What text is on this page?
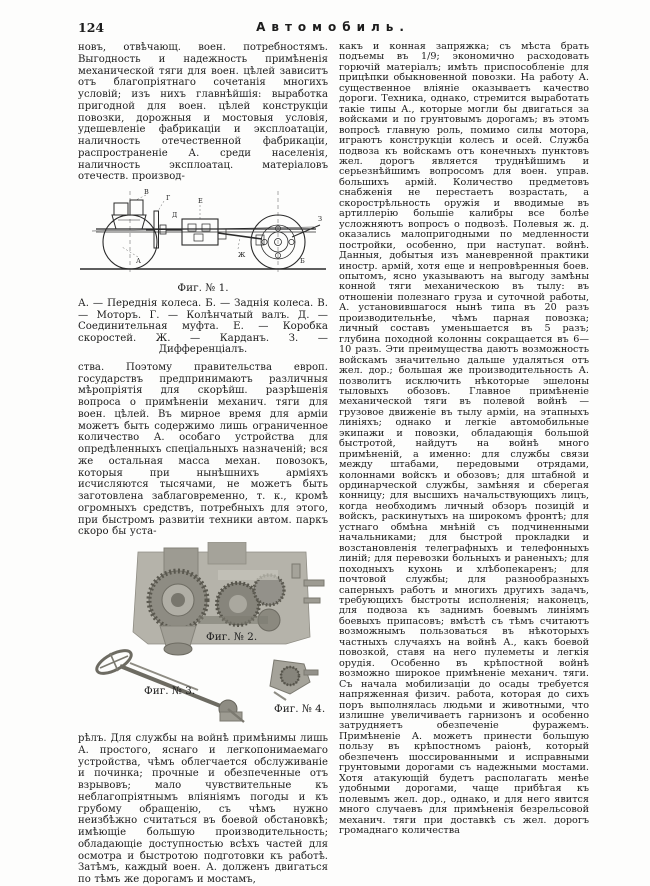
124	Автомобиль.

новъ, отвѣчающ. воен. потребностямъ. Выгодность и надежность примѣненія механической тяги для воен. цѣлей зависитъ отъ благопріятнаго сочетанія многихъ условій; изъ нихъ главнѣйшія: выработка пригодной для воен. цѣлей конструкціи повозки, дорожныя и мостовыя условія, удешевленіе фабрикаціи и эксплоатаціи, наличность отечественной фабрикаціи, распространеніе А. среди населенія, наличность эксплоатац. матеріаловъ отечеств. производ-

В
Г
Д
Е
Ж
З
А	Б
Фиг. № 1.
А. — Переднія колеса. Б. — Заднія колеса. В. — Моторъ. Г. — Колѣнчатый валъ. Д. — Соединительная муфта. Е. — Коробка скоростей. Ж. — Карданъ. З. — Дифференціалъ.

ства. Поэтому правительства европ. государствъ предпринимаютъ различныя мѣропріятія для скорѣйш. разрѣшенія вопроса о примѣненіи механич. тяги для воен. цѣлей. Въ мирное время для арміи можетъ быть содержимо лишь ограниченное количество А. особаго устройства для опредѣленныхъ спеціальныхъ назначеній; вся же остальная масса механ. повозокъ, которыя при нынѣшнихъ арміяхъ исчисляются тысячами, не можетъ быть заготовлена заблаговременно, т. к., кромѣ огромныхъ средствъ, потребныхъ для этого, при быстромъ развитіи техники автом. паркъ скоро бы уста-

Фиг. № 2.
Фиг. № 3.
Фиг. № 4.

рѣлъ. Для службы на войнѣ примѣнимы лишь А. простого, яснаго и легкопонимаемаго устройства, чѣмъ облегчается обслуживаніе и починка; прочные и обезпеченные отъ взрывовъ; мало чувствительные къ неблагопріятнымъ вліяніямъ погоды и къ грубому обращенію, съ чѣмъ нужно неизбѣжно считаться въ боевой обстановкѣ; имѣющіе большую производительность; обладающіе доступностью всѣхъ частей для осмотра и быстротою подготовки къ работѣ. Затѣмъ, каждый воен. А. долженъ двигаться по тѣмъ же дорогамъ и мостамъ,

какъ и конная запряжка; съ мѣста брать подъемы въ 1/9; экономично расходовать горючій матеріалъ; имѣть приспособленіе для прицѣпки обыкновенной повозки. На работу А. существенное вліяніе оказываетъ качество дороги. Техника, однако, стремится выработать такіе типы А., которые могли бы двигаться за войсками и по грунтовымъ дорогамъ; въ этомъ вопросѣ главную роль, помимо силы мотора, играютъ конструкціи колесъ и осей. Служба подвоза къ войскамъ отъ конечныхъ пунктовъ жел. дорогъ является труднѣйшимъ и серьезнѣйшимъ вопросомъ для воен. управ. большихъ армій. Количество предметовъ снабженія не перестаетъ возрастать, а скорострѣльность оружія и вводимые въ артиллерію большіе калибры все болѣе усложняютъ вопросъ о подвозѣ. Полевыя ж. д. оказались малопригодными по медленности постройки, особенно, при наступат. войнѣ. Данныя, добытыя изъ маневренной практики иностр. армій, хотя еще и непровѣренныя боев. опытомъ, ясно указываютъ на выгоду замѣны конной тяги механическою въ тылу: въ отношеніи полезнаго груза и суточной работы, А. установившагося нынѣ типа въ 20 разъ производительнѣе, чѣмъ парная повозка; личный составъ уменьшается въ 5 разъ; глубина походной колонны сокращается въ 6—10 разъ. Эти преимущества даютъ возможность войскамъ значительно дальше удаляться отъ жел. дор.; большая же производительность А. позволитъ исключить нѣкоторые эшелоны тыловыхъ обозовъ. Главное примѣненіе механической тяги въ полевой войнѣ — грузовое движеніе въ тылу арміи, на этапныхъ линіяхъ; однако и легкіе автомобильные экипажи и повозки, обладающія большой быстротой, найдутъ на войнѣ много примѣненій, а именно: для службы связи между штабами, передовыми отрядами, колоннами войскъ и обозовъ; для штабной и ординарческой службы, замѣняя и сберегая конницу; для высшихъ начальствующихъ лицъ, когда необходимъ личный обзоръ позицій и войскъ, раскинутыхъ на широкомъ фронтѣ; для устнаго обмѣна мнѣній съ подчиненными начальниками; для быстрой прокладки и возстановленія телеграфныхъ и телефонныхъ линій; для перевозки больныхъ и раненыхъ; для походныхъ кухонь и хлѣбопекаренъ; для почтовой службы; для разнообразныхъ саперныхъ работъ и многихъ другихъ задачъ, требующихъ быстроты исполненія; наконецъ, для подвоза къ заднимъ боевымъ линіямъ боевыхъ припасовъ; вмѣстѣ съ тѣмъ считаютъ возможнымъ пользоваться въ нѣкоторыхъ частныхъ случаяхъ на войнѣ А., какъ боевой повозкой, ставя на него пулеметы и легкія орудія. Особенно въ крѣпостной войнѣ возможно широкое примѣненіе механич. тяги. Съ начала мобилизаціи до осады требуется напряженная физич. работа, которая до сихъ поръ выполнялась людьми и животными, что излишне увеличиваетъ гарнизонъ и особенно затрудняетъ обезпеченіе фуражемъ. Примѣненіе А. можетъ принести большую пользу въ крѣпостномъ раіонѣ, который обезпеченъ шоссированными и исправными грунтовыми дорогами съ надежными мостами. Хотя атакующій будетъ располагать менѣе удобными дорогами, чаще прибѣгая къ полевымъ жел. дор., однако, и для него явится много случаевъ для примѣненія безрельсовой механич. тяги при доставкѣ съ жел. дорогъ громаднаго количества
